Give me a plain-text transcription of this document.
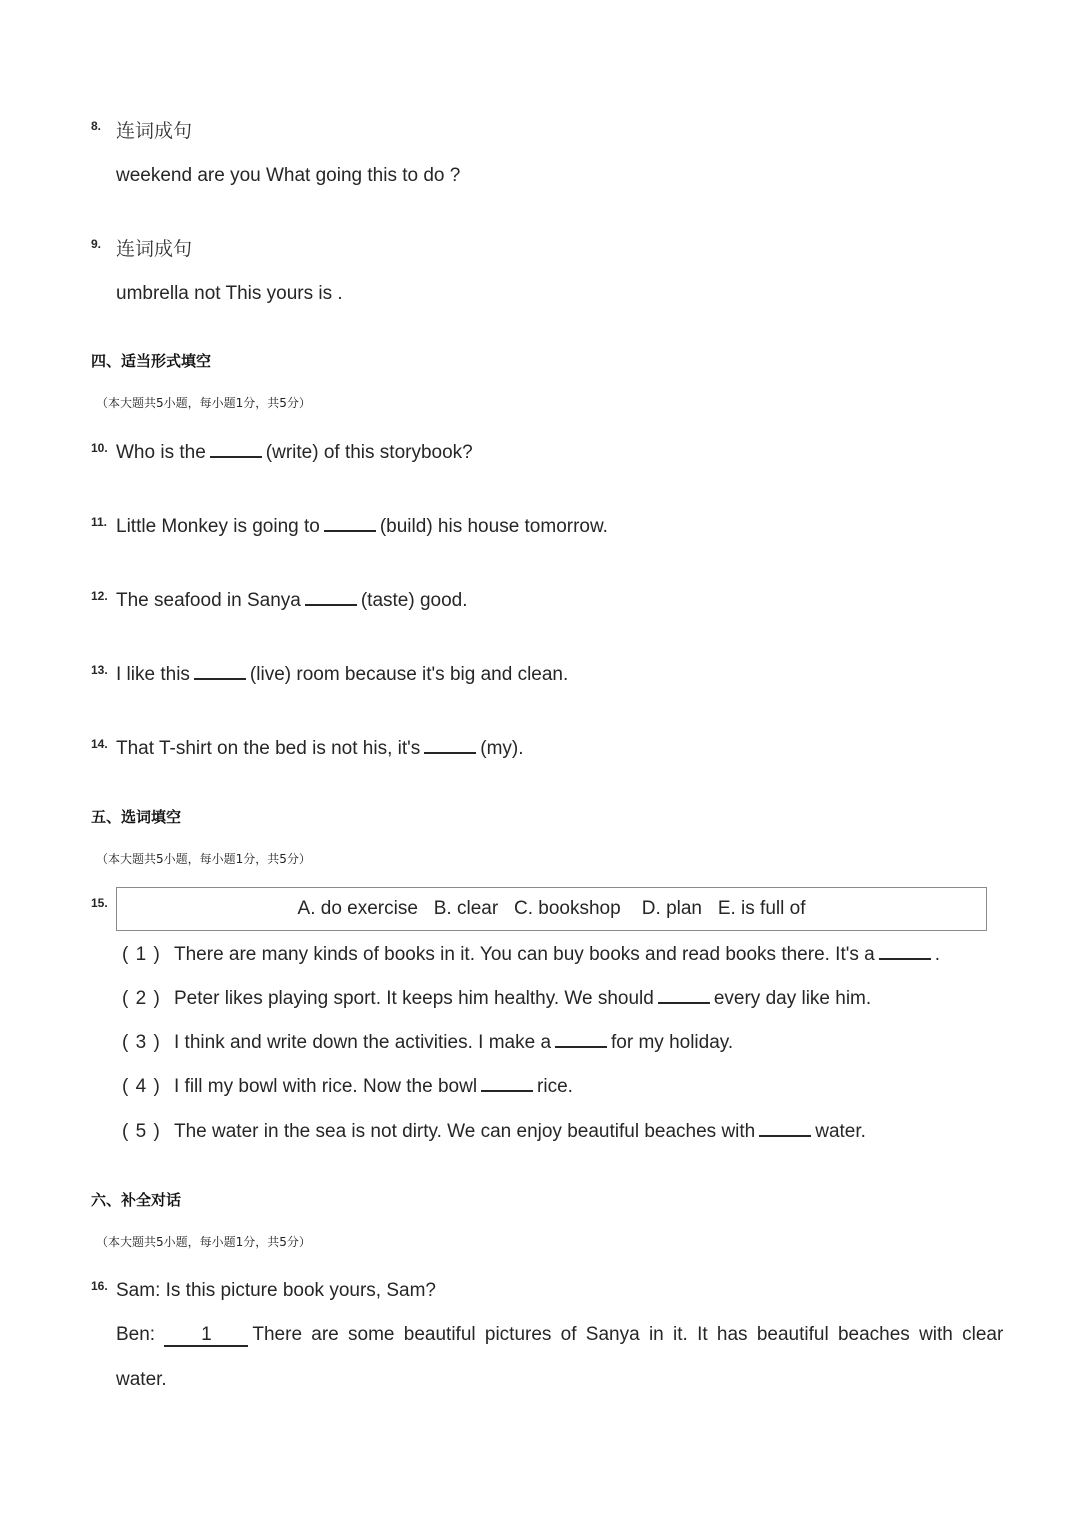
8. 连词成句
weekend are you What going this to do ?
9. 连词成句
umbrella not This yours is .
四、适当形式填空
（本大题共5小题，每小题1分，共5分）
10. Who is the	(write) of this storybook?
11. Little Monkey is going to	(build) his house tomorrow.
12. The seafood in Sanya	(taste) good.
13. I like this	(live) room because it's big and clean.
14. That T-shirt on the bed is not his, it's	(my).
五、选词填空
（本大题共5小题，每小题1分，共5分）
15.	A. do exercise   B. clear   C. bookshop    D. plan   E. is full of
( 1 ) There are many kinds of books in it. You can buy books and read books there. It's a	.
( 2 ) Peter likes playing sport. It keeps him healthy. We should	every day like him.
( 3 ) I think and write down the activities. I make a	for my holiday.
( 4 ) I fill my bowl with rice. Now the bowl	rice.
( 5 ) The water in the sea is not dirty. We can enjoy beautiful beaches with	water.
六、补全对话
（本大题共5小题，每小题1分，共5分）
16. Sam: Is this picture book yours, Sam?
Ben: 1	There are some beautiful pictures of Sanya in it. It has beautiful beaches with clear
water.
